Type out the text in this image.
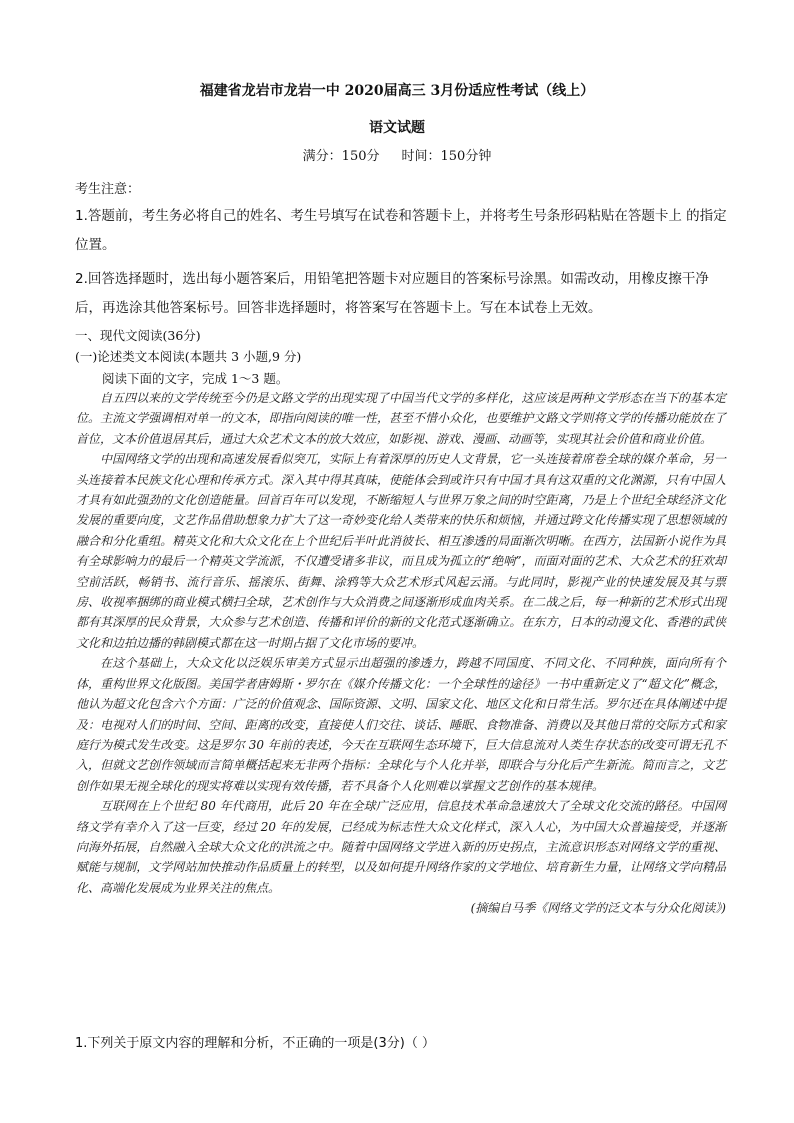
福建省龙岩市龙岩一中 2020届高三 3月份适应性考试（线上）
语文试题
满分：150分 时间：150分钟
考生注意：
1.答题前，考生务必将自己的姓名、考生号填写在试卷和答题卡上，并将考生号条形码粘贴在答题卡上 的指定位置。
2.回答选择题时，选出每小题答案后，用铅笔把答题卡对应题目的答案标号涂黑。如需改动，用橡皮擦干净后，再选涂其他答案标号。回答非选择题时，将答案写在答题卡上。写在本试卷上无效。
一、现代文阅读(36分)
(一)论述类文本阅读(本题共 3 小题,9 分)
阅读下面的文字，完成 1～3 题。

自五四以来的文学传统至今仍是文路文学的出现实现了中国当代文学的多样化，这应该是两种文学形态在当下的基本定位。主流文学强调相对单一的文本，即指向阅读的唯一性，甚至不惜小众化，也要维护文路文学则将文学的传播功能放在了首位，文本价值退居其后，通过大众艺术文本的放大效应，如影视、游戏、漫画、动画等，实现其社会价值和商业价值。

中国网络文学的出现和高速发展看似突兀，实际上有着深厚的历史人文背景，它一头连接着席卷全球的媒介革命，另一头连接着本民族文化心理和传承方式。深入其中得其真味，使能体会到或许只有中国才具有这双重的文化渊源，只有中国人才具有如此强劲的文化创造能量。回首百年可以发现，不断缩短人与世界万象之间的时空距离，乃是上个世纪全球经济文化发展的重要向度，文艺作品借助想象力扩大了这一奇妙变化给人类带来的快乐和烦恼，并通过跨文化传播实现了思想领域的融合和分化重组。精英文化和大众文化在上个世纪后半叶此消彼长、相互渗透的局面渐次明晰。在西方，法国新小说作为具有全球影响力的最后一个精英文学流派，不仅遭受诸多非议，而且成为孤立的“绝响”，而面对面的艺术、大众艺术的狂欢却空前活跃，畅销书、流行音乐、摇滚乐、街舞、涂鸦等大众艺术形式风起云涌。与此同时，影视产业的快速发展及其与票房、收视率捆绑的商业模式横扫全球，艺术创作与大众消费之间逐渐形成血肉关系。在二战之后，每一种新的艺术形式出现都有其深厚的民众背景，大众参与艺术创造、传播和评价的新的文化范式逐渐确立。在东方，日本的动漫文化、香港的武侠文化和边拍边播的韩剧模式都在这一时期占据了文化市场的要冲。

在这个基础上，大众文化以泛娱乐审美方式显示出超强的渗透力，跨越不同国度、不同文化、不同种族，面向所有个体，重构世界文化版图。美国学者唐姆斯・罗尔在《媒介传播文化：一个全球性的途径》一书中重新定义了“超文化”概念，他认为超文化包含六个方面：广泛的价值观念、国际资源、文明、国家文化、地区文化和日常生活。罗尔还在具体阐述中提及：电视对人们的时间、空间、距离的改变，直接使人们交往、谈话、睡眠、食物准备、消费以及其他日常的交际方式和家庭行为模式发生改变。这是罗尔 30 年前的表述，今天在互联网生态环境下，巨大信息流对人类生存状态的改变可谓无孔不入，但就文艺创作领域而言简单概括起来无非两个指标：全球化与个人化并举，即联合与分化后产生新流。简而言之，文艺创作如果无视全球化的现实将难以实现有效传播，若不具备个人化则难以掌握文艺创作的基本规律。

互联网在上个世纪 80 年代商用，此后 20 年在全球广泛应用，信息技术革命急速放大了全球文化交流的路径。中国网络文学有幸介入了这一巨变，经过 20 年的发展，已经成为标志性大众文化样式，深入人心，为中国大众普遍接受，并逐渐向海外拓展，自然融入全球大众文化的洪流之中。随着中国网络文学进入新的历史拐点，主流意识形态对网络文学的重视、赋能与规制，文学网站加快推动作品质量上的转型，以及如何提升网络作家的文学地位、培育新生力量，让网络文学向精品化、高端化发展成为业界关注的焦点。

(摘编自马季《网络文学的泛文本与分众化阅读》)

1.下列关于原文内容的理解和分析，不正确的一项是(3分)（ ）
